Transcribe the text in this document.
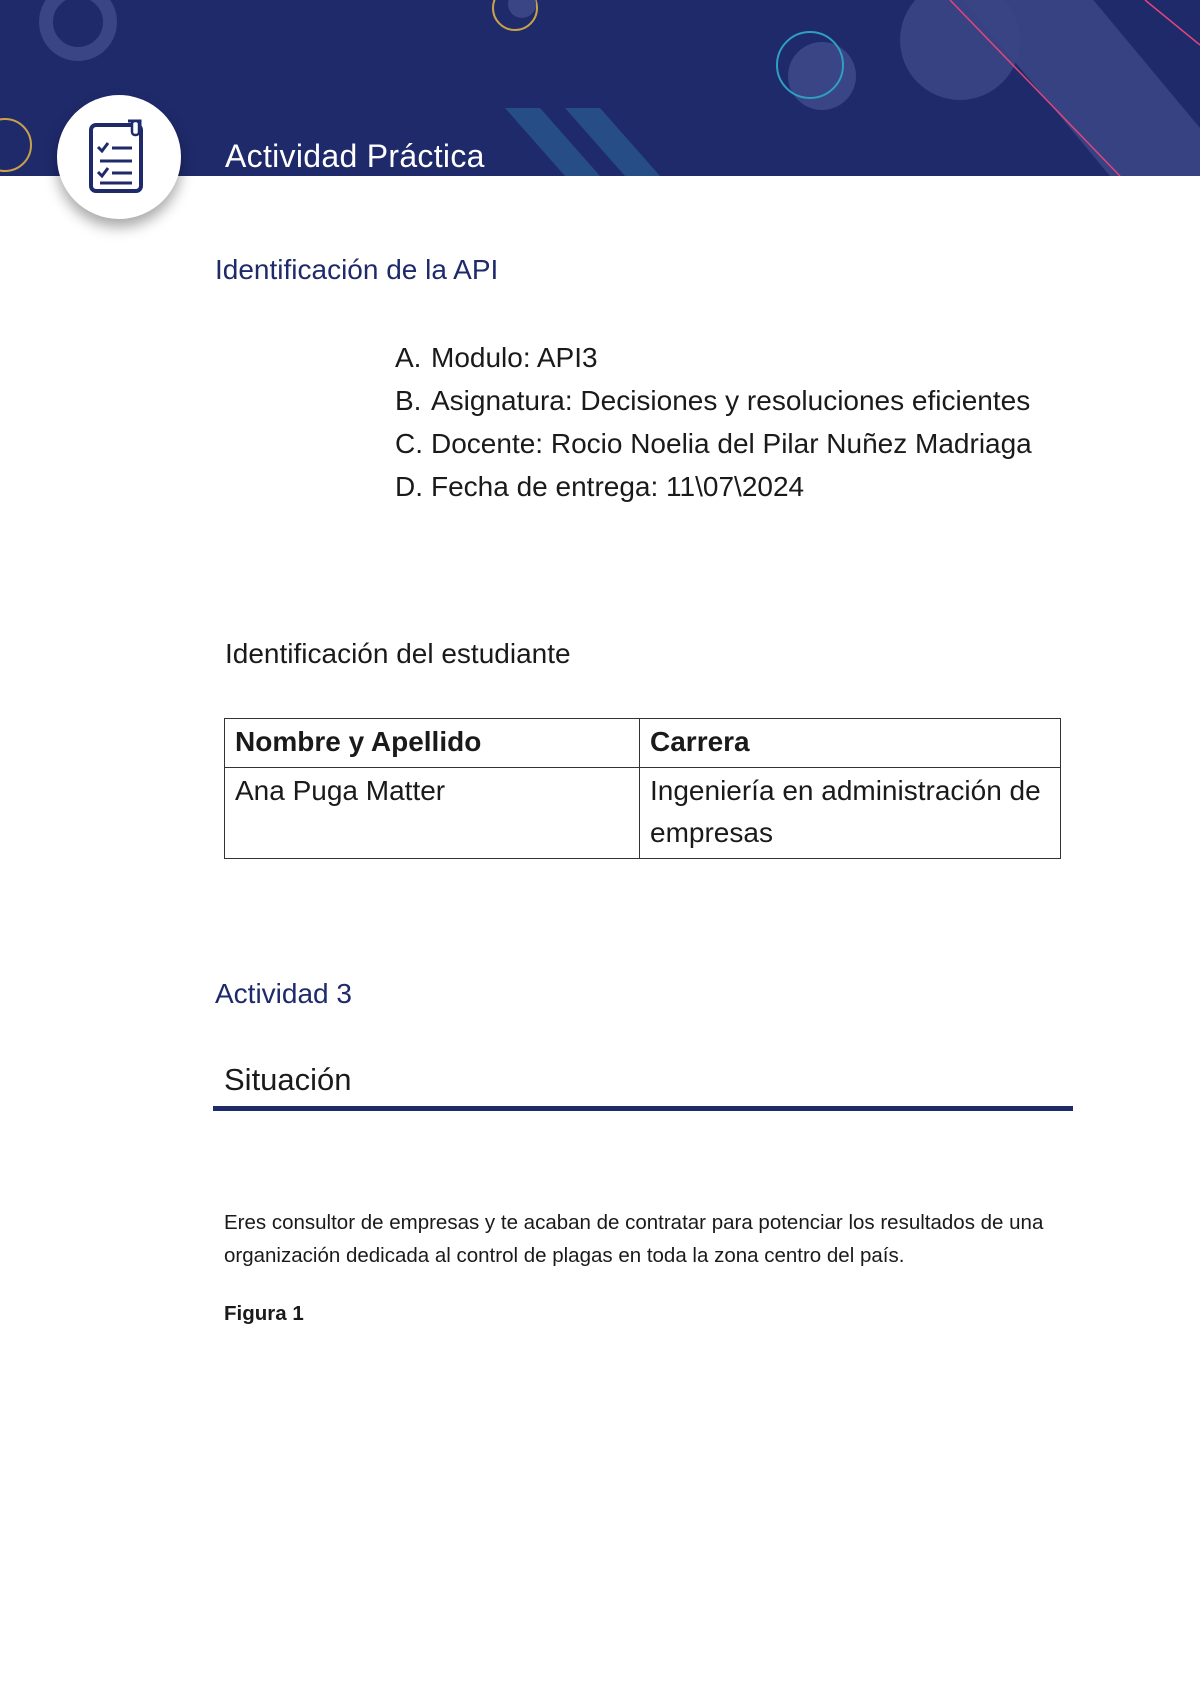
Actividad Práctica
Identificación de la API
A. Modulo: API3
B. Asignatura: Decisiones y resoluciones eficientes
C. Docente: Rocio Noelia del Pilar Nuñez Madriaga
D. Fecha de entrega: 11\07\2024
Identificación del estudiante
Nombre y Apellido	Carrera
Ana Puga Matter	Ingeniería en administración de empresas
Actividad 3
Situación
Eres consultor de empresas y te acaban de contratar para potenciar los resultados de una organización dedicada al control de plagas en toda la zona centro del país.
Figura 1
